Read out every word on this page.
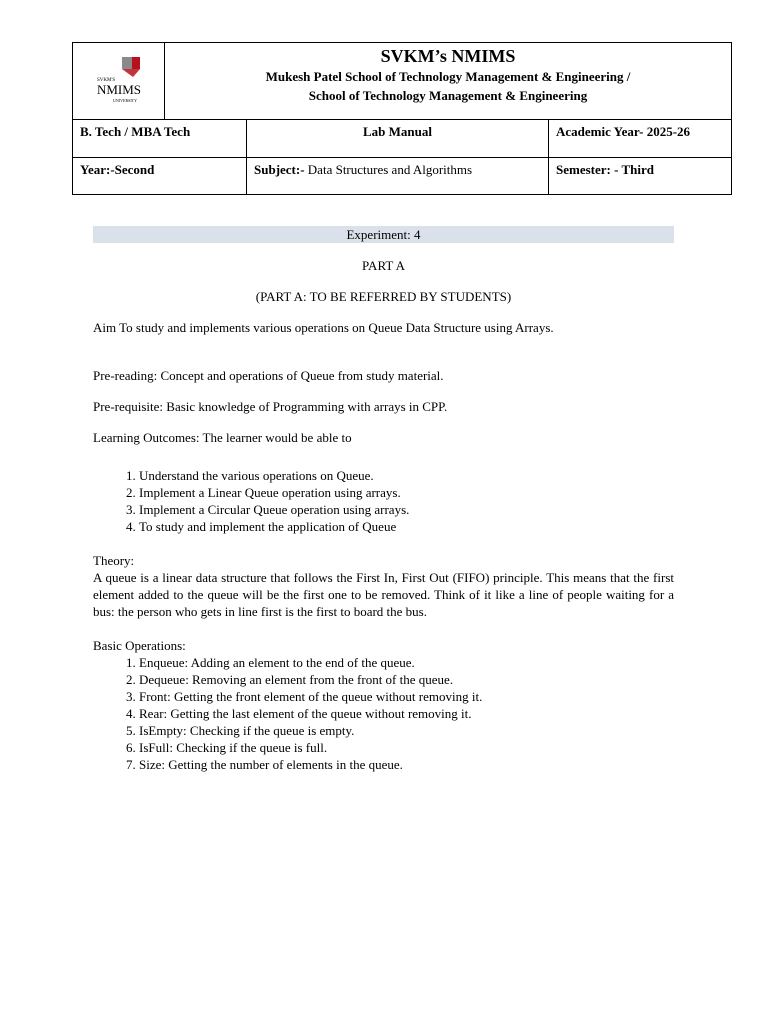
SVKM'S
NMIMS
UNIVERSITY
SVKM’s NMIMS
Mukesh Patel School of Technology Management & Engineering /
School of Technology Management & Engineering
B. Tech / MBA Tech	Lab Manual	Academic Year- 2025-26
Year:-Second	Subject:- Data Structures and Algorithms	Semester: - Third
Experiment: 4

PART A

(PART A: TO BE REFERRED BY STUDENTS)

Aim To study and implements various operations on Queue Data Structure using Arrays.

Pre-reading: Concept and operations of Queue from study material.

Pre-requisite: Basic knowledge of Programming with arrays in CPP.

Learning Outcomes: The learner would be able to

1. Understand the various operations on Queue.
2. Implement a Linear Queue operation using arrays.
3. Implement a Circular Queue operation using arrays.
4. To study and implement the application of Queue

Theory:

A queue is a linear data structure that follows the First In, First Out (FIFO) principle. This means that the first element added to the queue will be the first one to be removed. Think of it like a line of people waiting for a bus: the person who gets in line first is the first to board the bus.

Basic Operations:

1. Enqueue: Adding an element to the end of the queue.
2. Dequeue: Removing an element from the front of the queue.
3. Front: Getting the front element of the queue without removing it.
4. Rear: Getting the last element of the queue without removing it.
5. IsEmpty: Checking if the queue is empty.
6. IsFull: Checking if the queue is full.
7. Size: Getting the number of elements in the queue.
